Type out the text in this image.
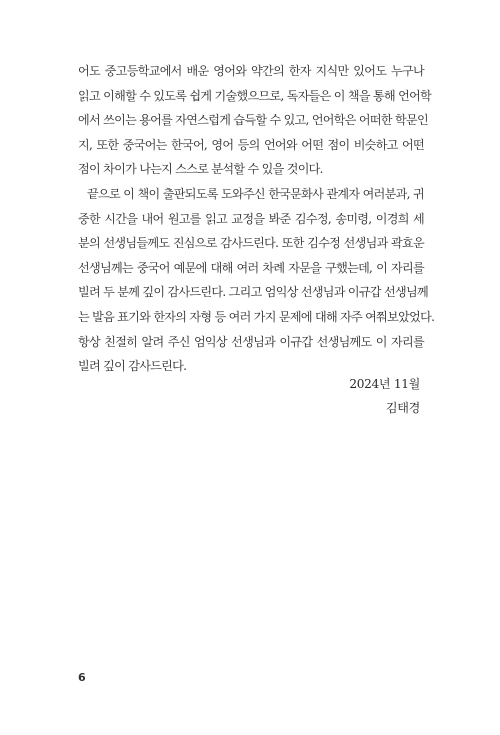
어도 중고등학교에서 배운 영어와 약간의 한자 지식만 있어도 누구나
읽고 이해할 수 있도록 쉽게 기술했으므로, 독자들은 이 책을 통해 언어학
에서 쓰이는 용어를 자연스럽게 습득할 수 있고, 언어학은 어떠한 학문인
지, 또한 중국어는 한국어, 영어 등의 언어와 어떤 점이 비슷하고 어떤
점이 차이가 나는지 스스로 분석할 수 있을 것이다.
끝으로 이 책이 출판되도록 도와주신 한국문화사 관계자 여러분과, 귀
중한 시간을 내어 원고를 읽고 교정을 봐준 김수정, 송미령, 이경희 세
분의 선생님들께도 진심으로 감사드린다. 또한 김수정 선생님과 곽효운
선생님께는 중국어 예문에 대해 여러 차례 자문을 구했는데, 이 자리를
빌려 두 분께 깊이 감사드린다. 그리고 엄익상 선생님과 이규갑 선생님께
는 발음 표기와 한자의 자형 등 여러 가지 문제에 대해 자주 여쭤보았었다.
항상 친절히 알려 주신 엄익상 선생님과 이규갑 선생님께도 이 자리를
빌려 깊이 감사드린다.
2024년 11월
김태경
6
